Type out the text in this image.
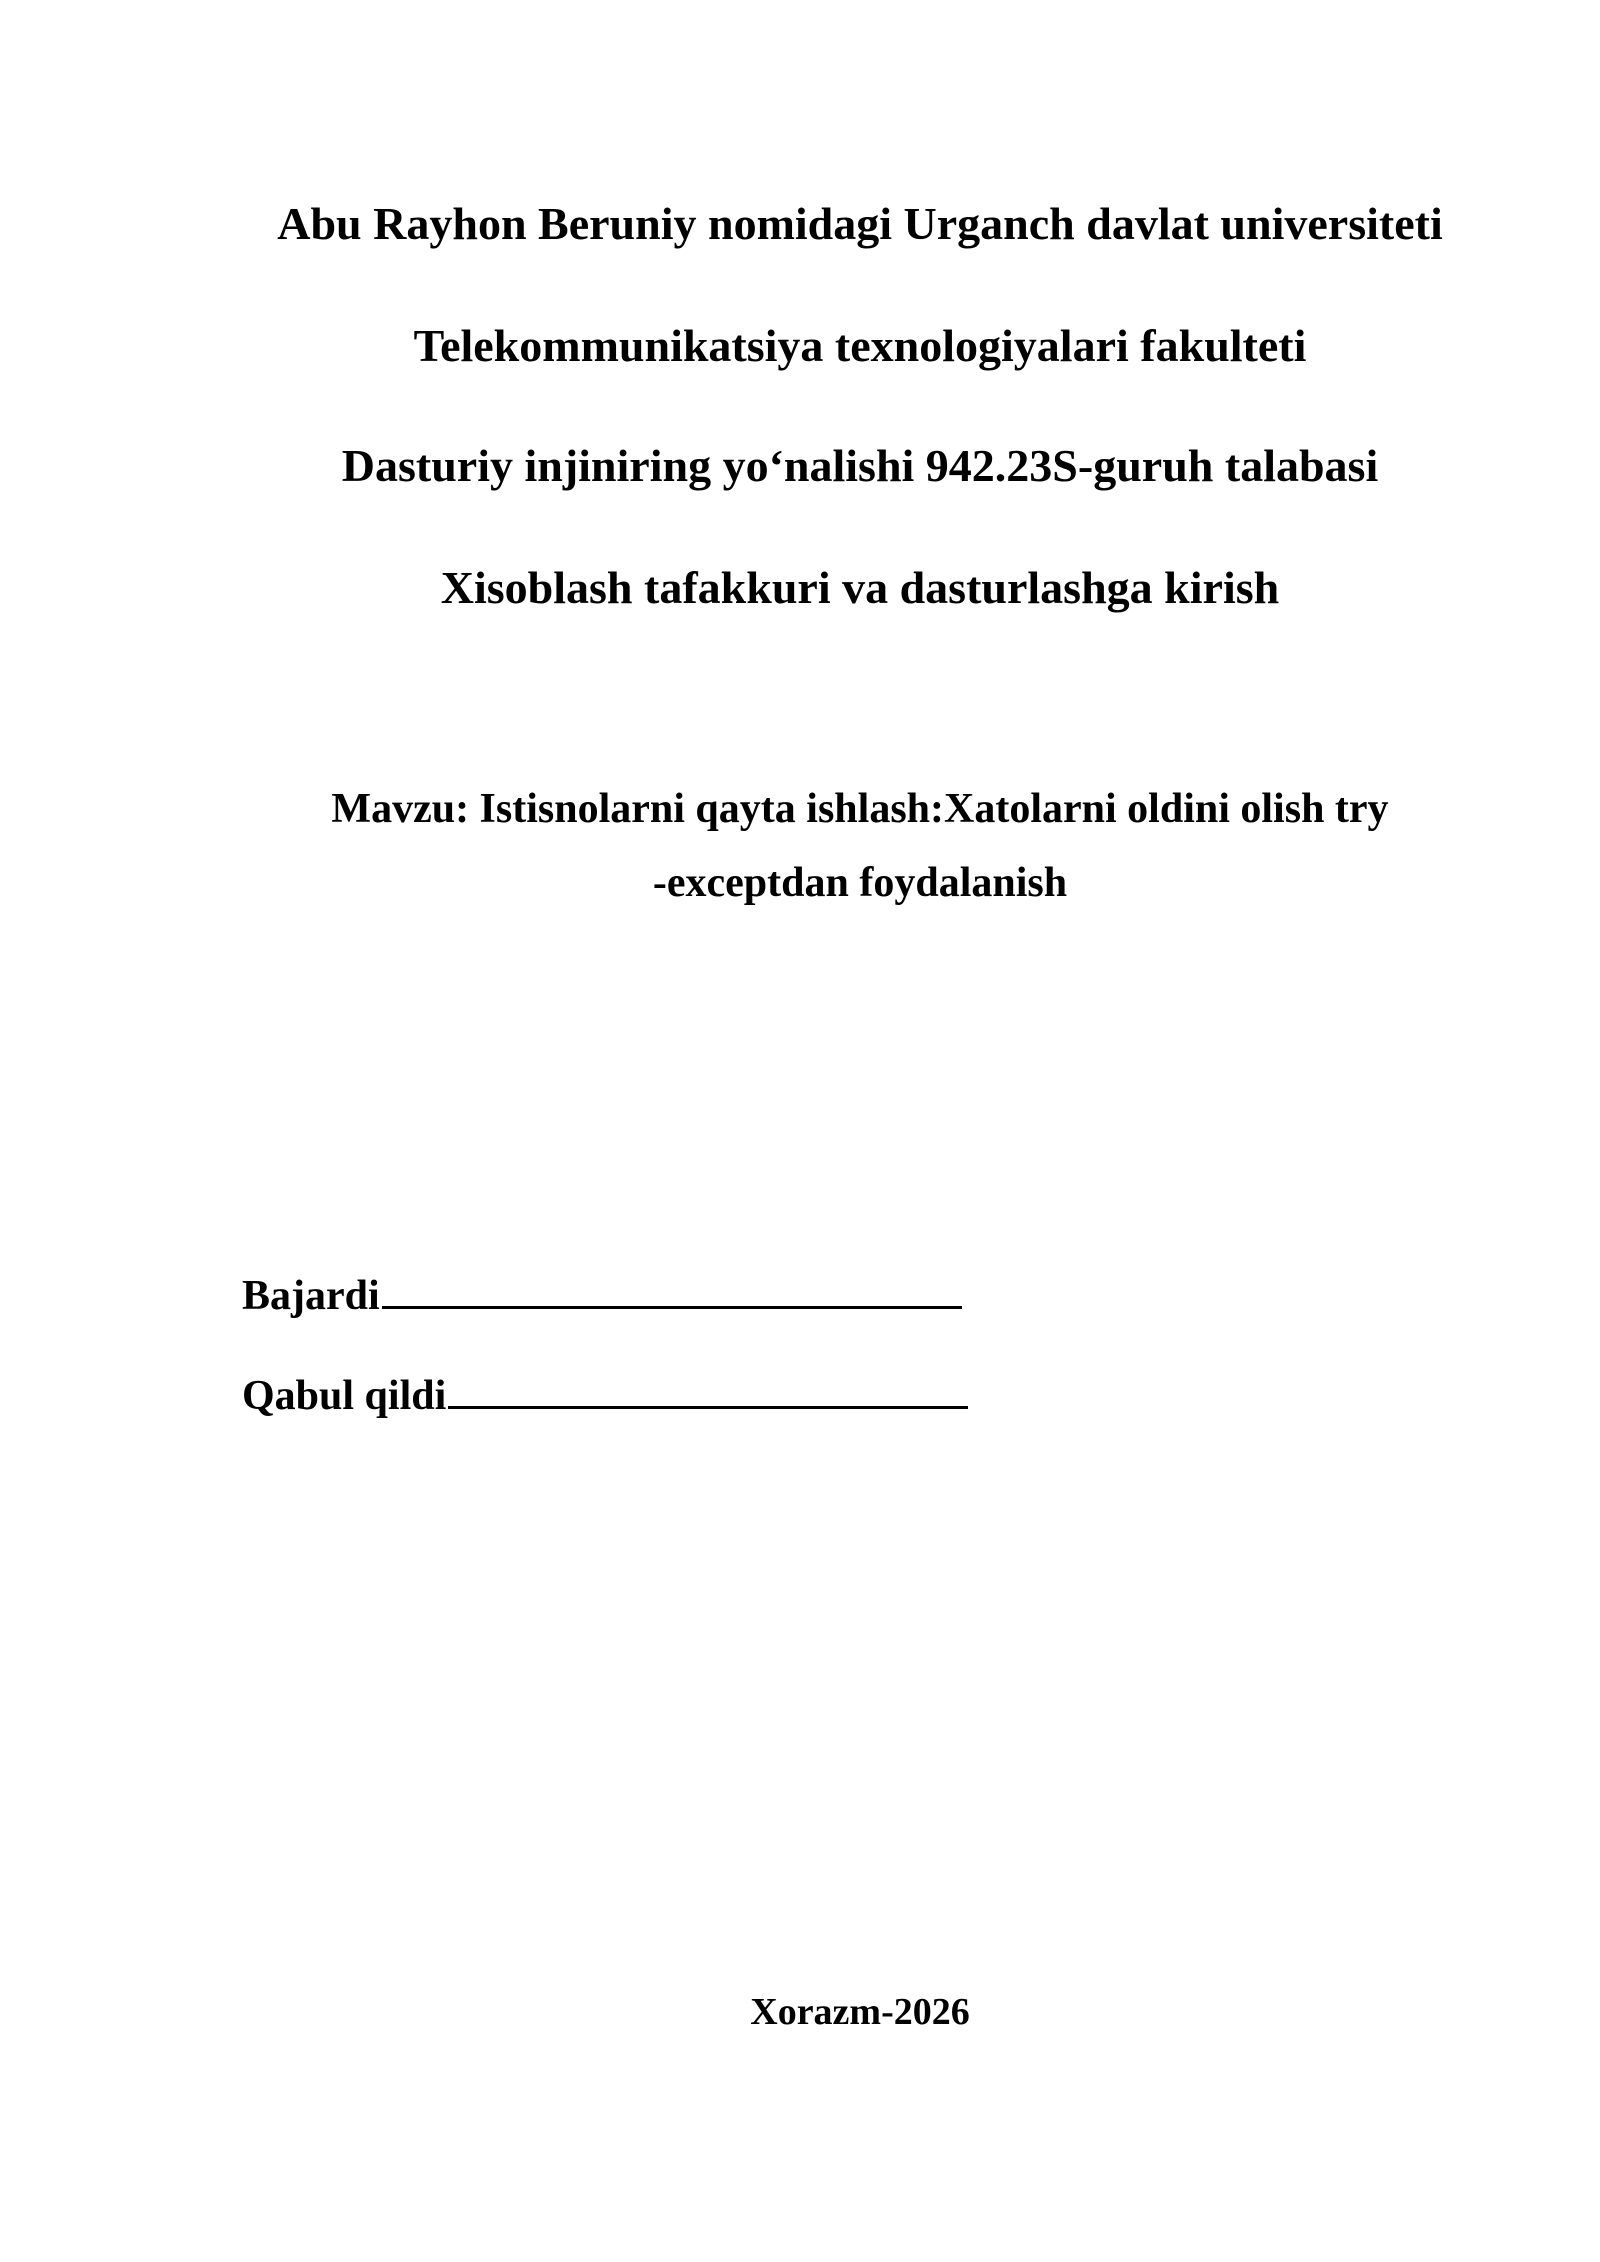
Abu Rayhon Beruniy nomidagi Urganch davlat universiteti
Telekommunikatsiya texnologiyalari fakulteti
Dasturiy injiniring yo‘nalishi 942.23S-guruh talabasi
Xisoblash tafakkuri va dasturlashga kirish
Mavzu: Istisnolarni qayta ishlash:Xatolarni oldini olish try
-exceptdan foydalanish
Bajardi
Qabul qildi
Xorazm-2026
